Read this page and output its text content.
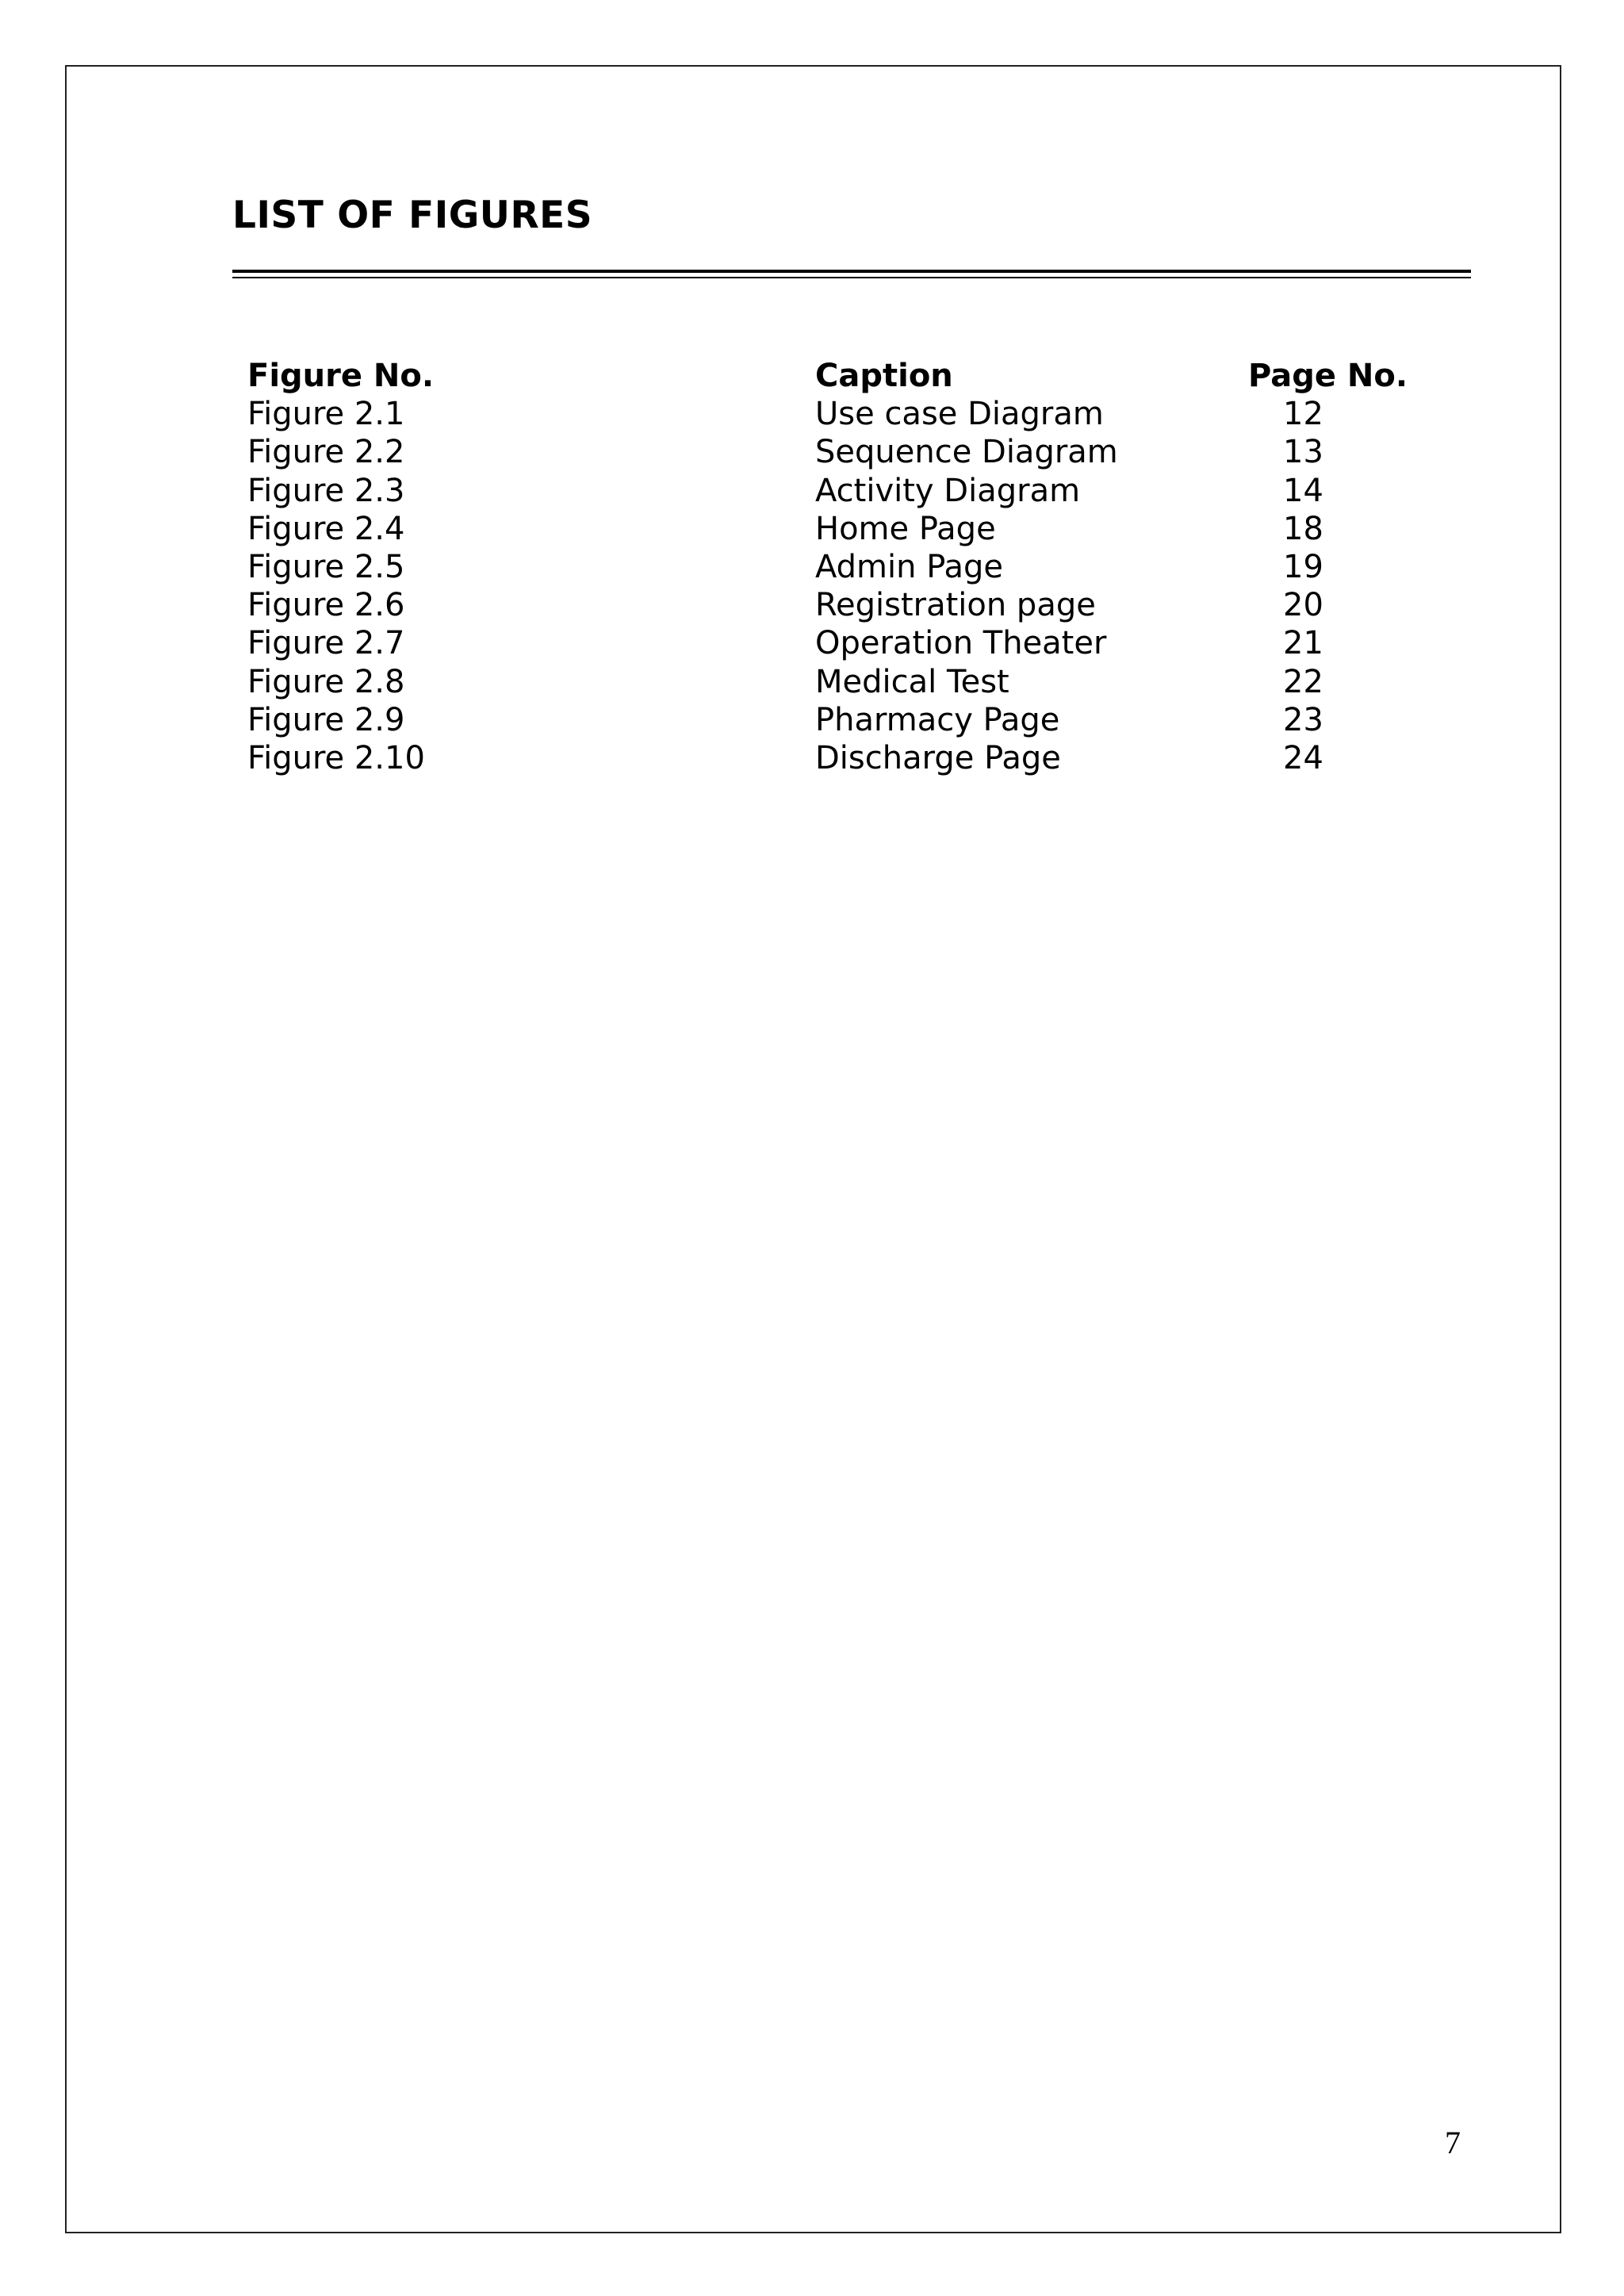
LIST OF FIGURES
Figure No.	Caption	Page No.
Figure 2.1	Use case Diagram	12
Figure 2.2	Sequence Diagram	13
Figure 2.3	Activity Diagram	14
Figure 2.4	Home Page	18
Figure 2.5	Admin Page	19
Figure 2.6	Registration page	20
Figure 2.7	Operation Theater	21
Figure 2.8	Medical Test	22
Figure 2.9	Pharmacy Page	23
Figure 2.10	Discharge Page	24
7
